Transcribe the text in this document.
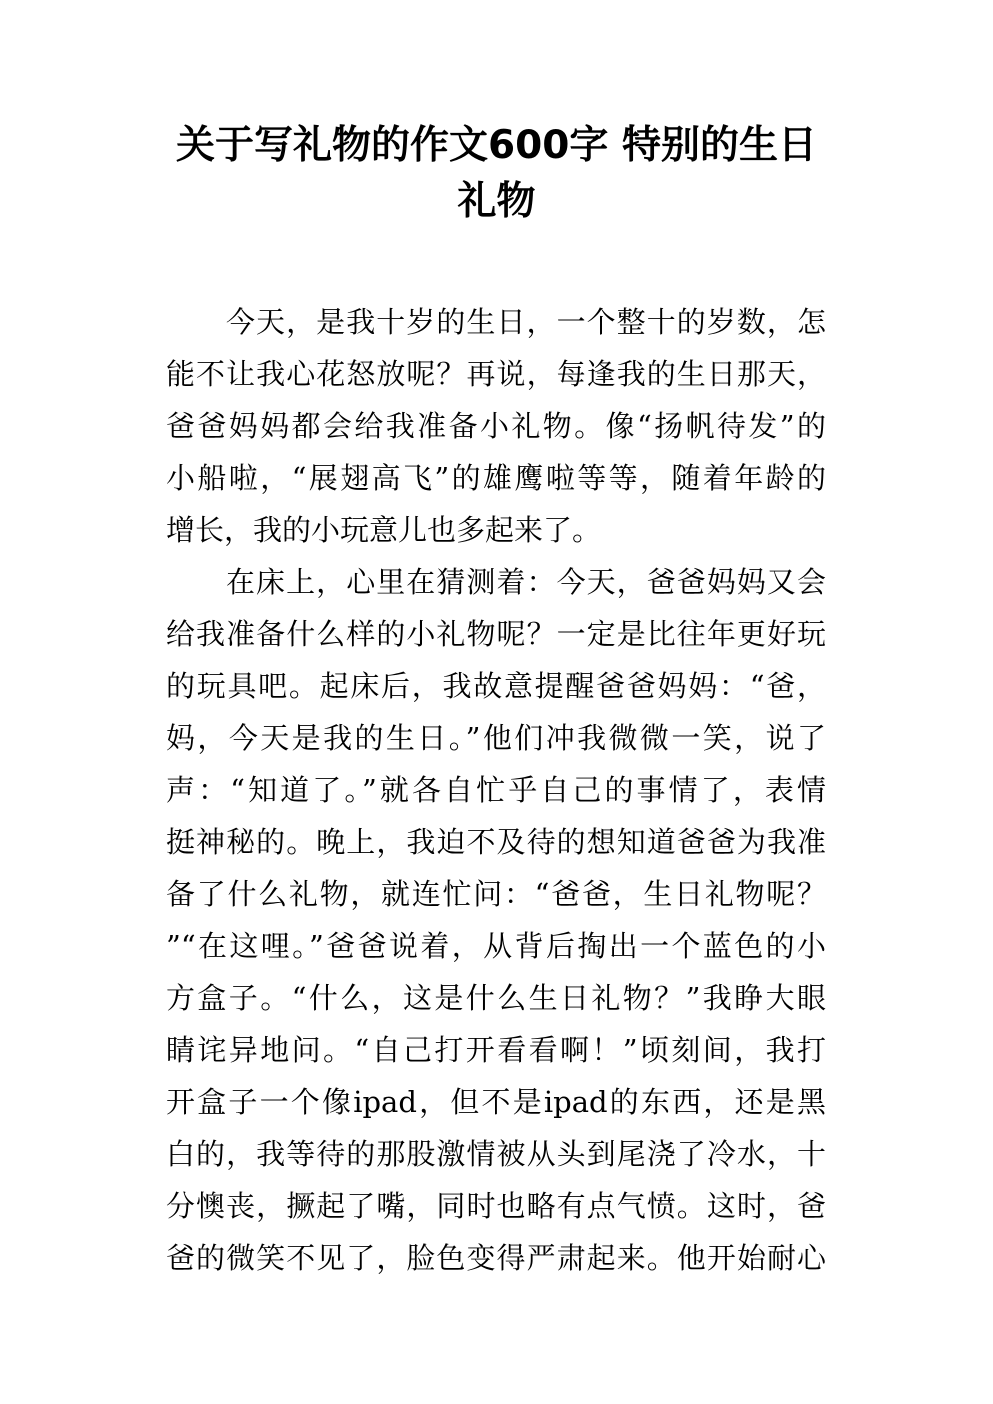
关于写礼物的作文600字 特别的生日
礼物
今天，是我十岁的生日，一个整十的岁数，怎
能不让我心花怒放呢？再说，每逢我的生日那天，
爸爸妈妈都会给我准备小礼物。像“扬帆待发”的
小船啦，“展翅高飞”的雄鹰啦等等，随着年龄的
增长，我的小玩意儿也多起来了。
在床上，心里在猜测着：今天，爸爸妈妈又会
给我准备什么样的小礼物呢？一定是比往年更好玩
的玩具吧。起床后，我故意提醒爸爸妈妈：“爸，
妈，今天是我的生日。”他们冲我微微一笑，说了
声：“知道了。”就各自忙乎自己的事情了，表情
挺神秘的。晚上，我迫不及待的想知道爸爸为我准
备了什么礼物，就连忙问：“爸爸，生日礼物呢？
”“在这哩。”爸爸说着，从背后掏出一个蓝色的小
方盒子。“什么，这是什么生日礼物？”我睁大眼
睛诧异地问。“自己打开看看啊！”顷刻间，我打
开盒子一个像ipad，但不是ipad的东西，还是黑
白的，我等待的那股激情被从头到尾浇了冷水，十
分懊丧，撅起了嘴，同时也略有点气愤。这时，爸
爸的微笑不见了，脸色变得严肃起来。他开始耐心
